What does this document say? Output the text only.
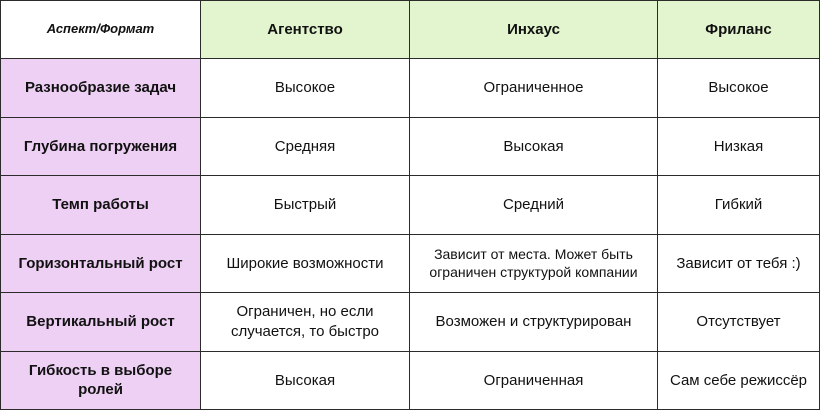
Аспект/Формат	Агентство	Инхаус	Фриланс
Разнообразие задач	Высокое	Ограниченное	Высокое
Глубина погружения	Средняя	Высокая	Низкая
Темп работы	Быстрый	Средний	Гибкий
Горизонтальный рост	Широкие возможности	Зависит от места. Может быть ограничен структурой компании	Зависит от тебя :)
Вертикальный рост	Ограничен, но если случается, то быстро	Возможен и структурирован	Отсутствует
Гибкость в выборе ролей	Высокая	Ограниченная	Сам себе режиссёр
